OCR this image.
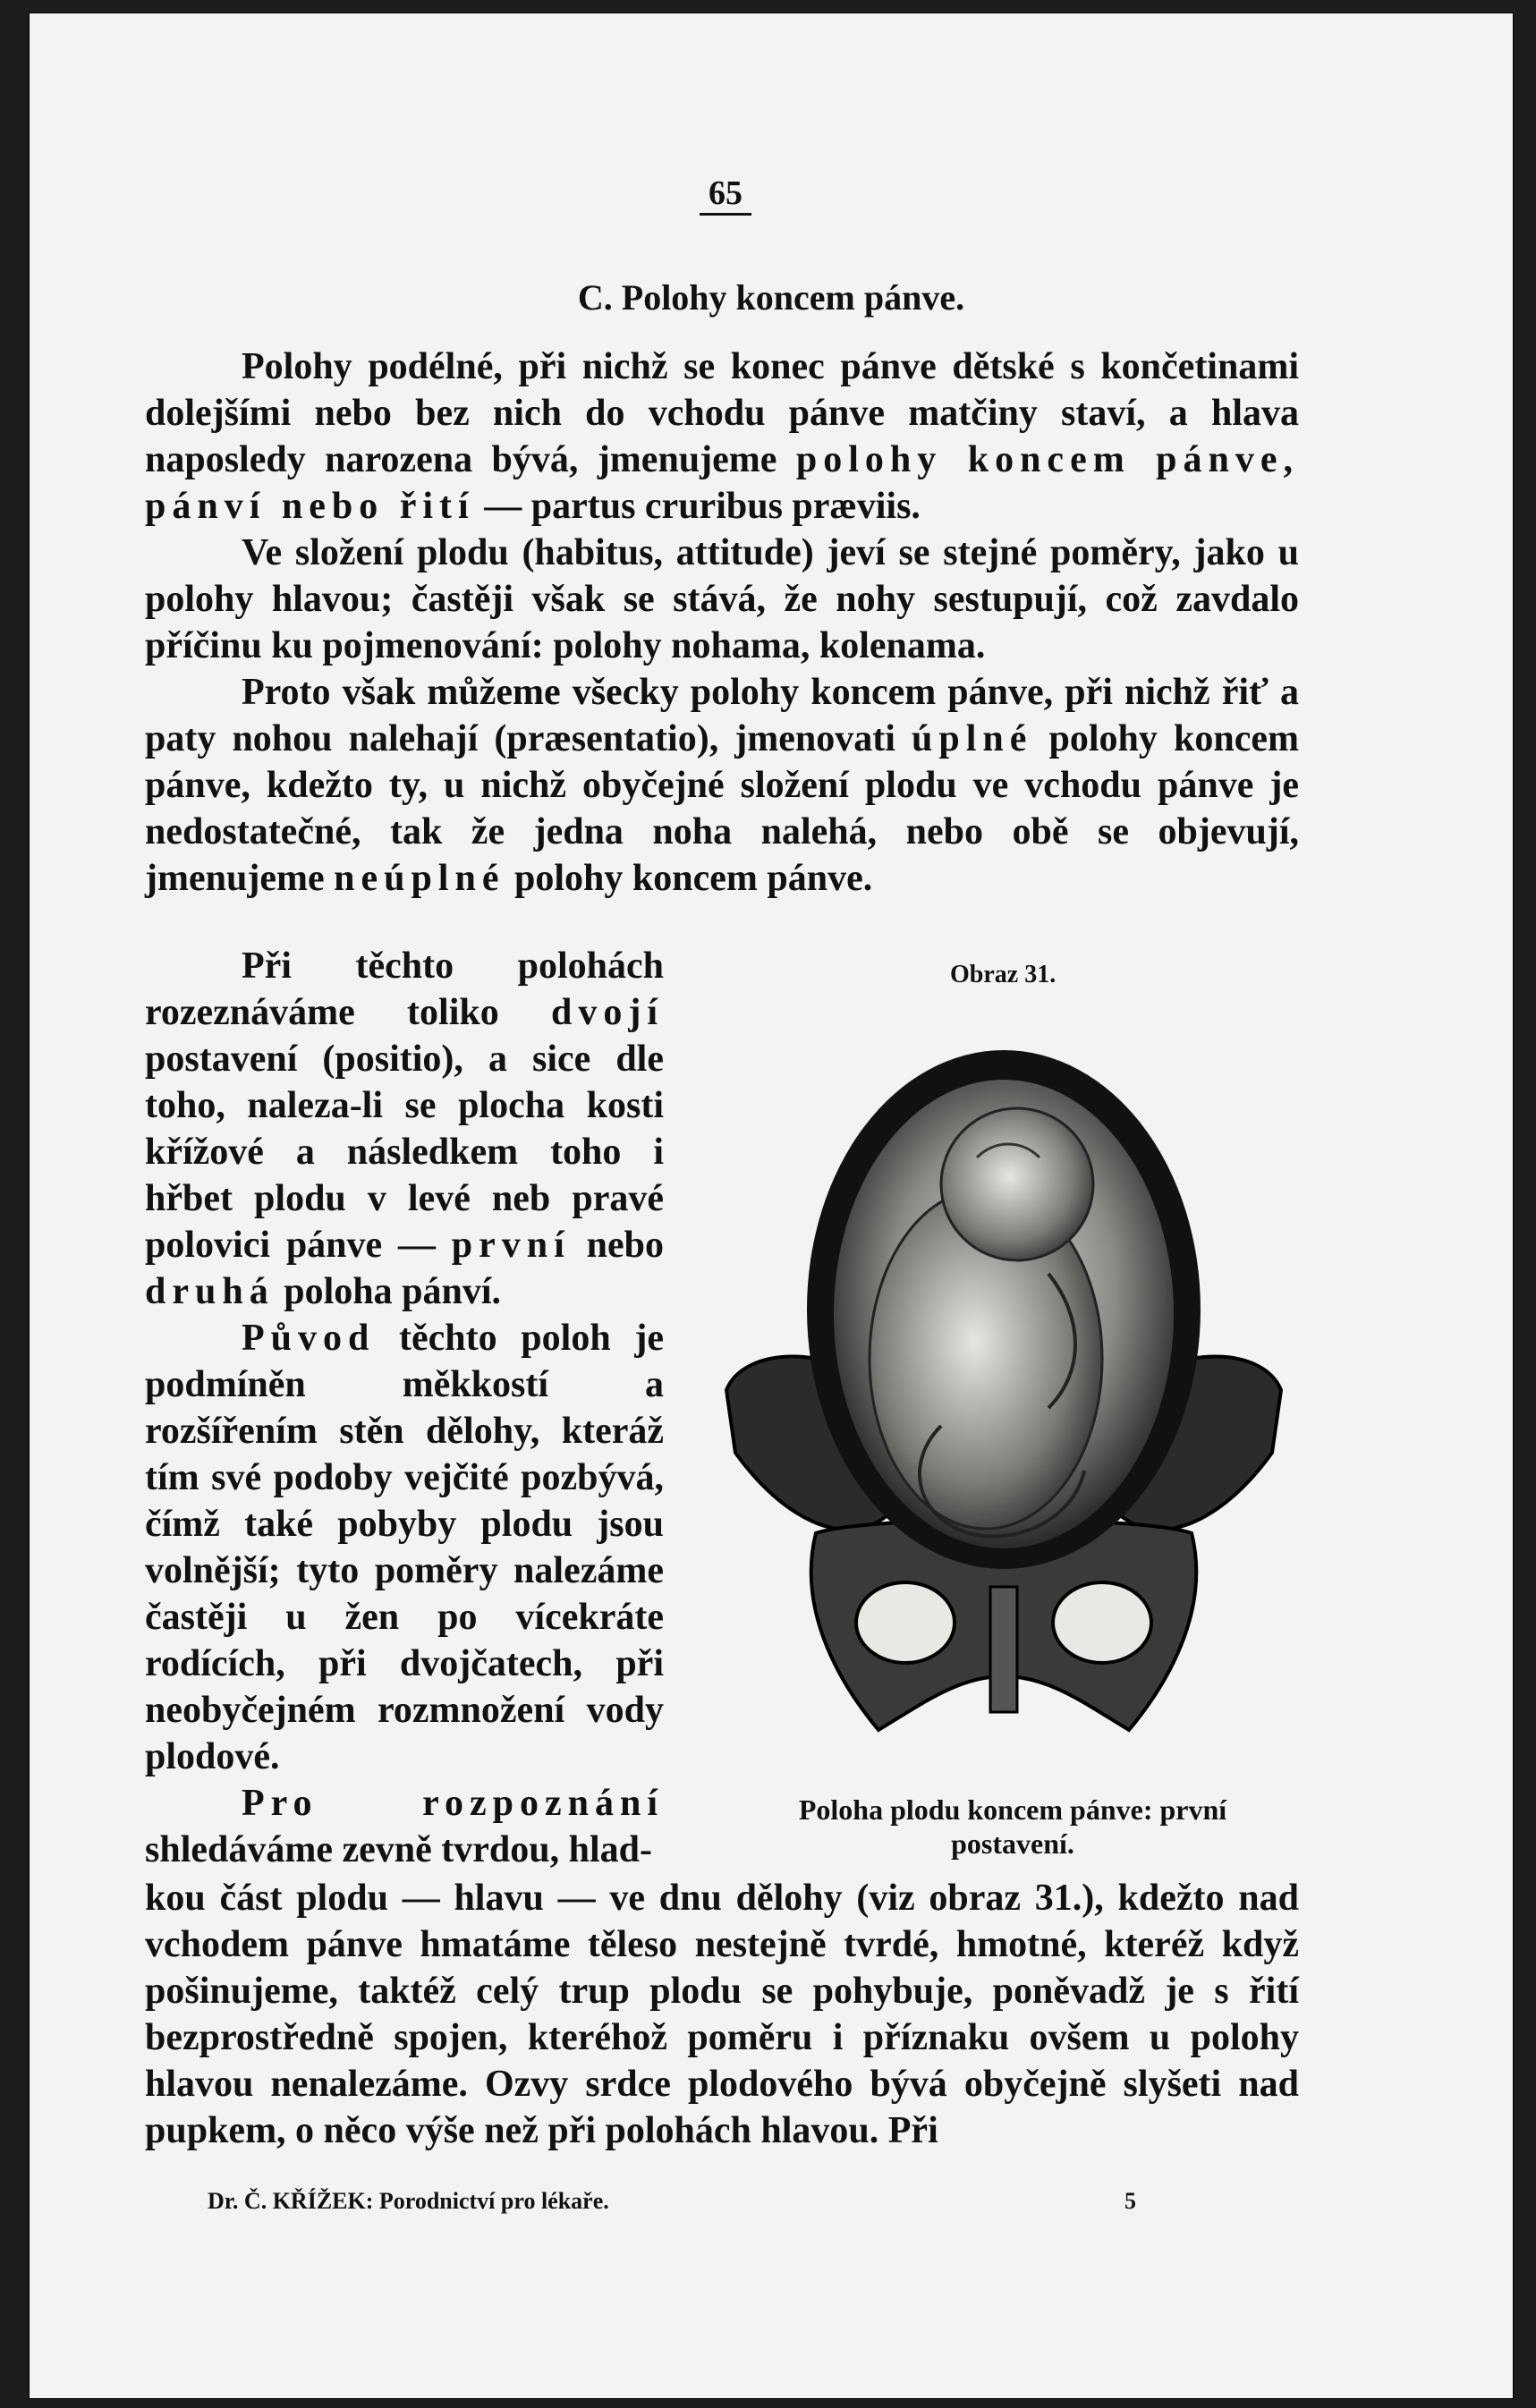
65
C. Polohy koncem pánve.

Polohy podélné, při nichž se konec pánve dětské s končetinami dolejšími nebo bez nich do vchodu pánve matčiny staví, a hlava naposledy narozena bývá, jmenujeme polohy koncem pánve, pánví nebo řití — partus cruribus præviis.

Ve složení plodu (habitus, attitude) jeví se stejné poměry, jako u polohy hlavou; častěji však se stává, že nohy sestupují, což zavdalo příčinu ku pojmenování: polohy nohama, kolenama.

Proto však můžeme všecky polohy koncem pánve, při nichž řiť a paty nohou nalehají (præsentatio), jmenovati úplné polohy koncem pánve, kdežto ty, u nichž obyčejné složení plodu ve vchodu pánve je nedostatečné, tak že jedna noha nalehá, nebo obě se objevují, jmenujeme neúplné polohy koncem pánve.

Při těchto polohách rozeznáváme toliko dvojí postavení (positio), a sice dle toho, naleza-li se plocha kosti křížové a následkem toho i hřbet plodu v levé neb pravé polovici pánve — první nebo druhá poloha pánví.

Původ těchto poloh je podmíněn měkkostí a rozšířením stěn dělohy, kteráž tím své podoby vejčité pozbývá, čímž také pobyby plodu jsou volnější; tyto poměry nalezáme častěji u žen po vícekráte rodících, při dvojčatech, při neobyčejném rozmnožení vody plodové.

Pro rozpoznání shledáváme zevně tvrdou, hlad-

Obraz 31.
Poloha plodu koncem pánve: první postavení.
kou část plodu — hlavu — ve dnu dělohy (viz obraz 31.), kdežto nad vchodem pánve hmatáme těleso nestejně tvrdé, hmotné, kteréž když pošinujeme, taktéž celý trup plodu se pohybuje, poněvadž je s řití bezprostředně spojen, kteréhož poměru i příznaku ovšem u polohy hlavou nenalezáme. Ozvy srdce plodového bývá obyčejně slyšeti nad pupkem, o něco výše než při polohách hlavou. Při
Dr. Č. KŘÍŽEK: Porodnictví pro lékaře.	5
